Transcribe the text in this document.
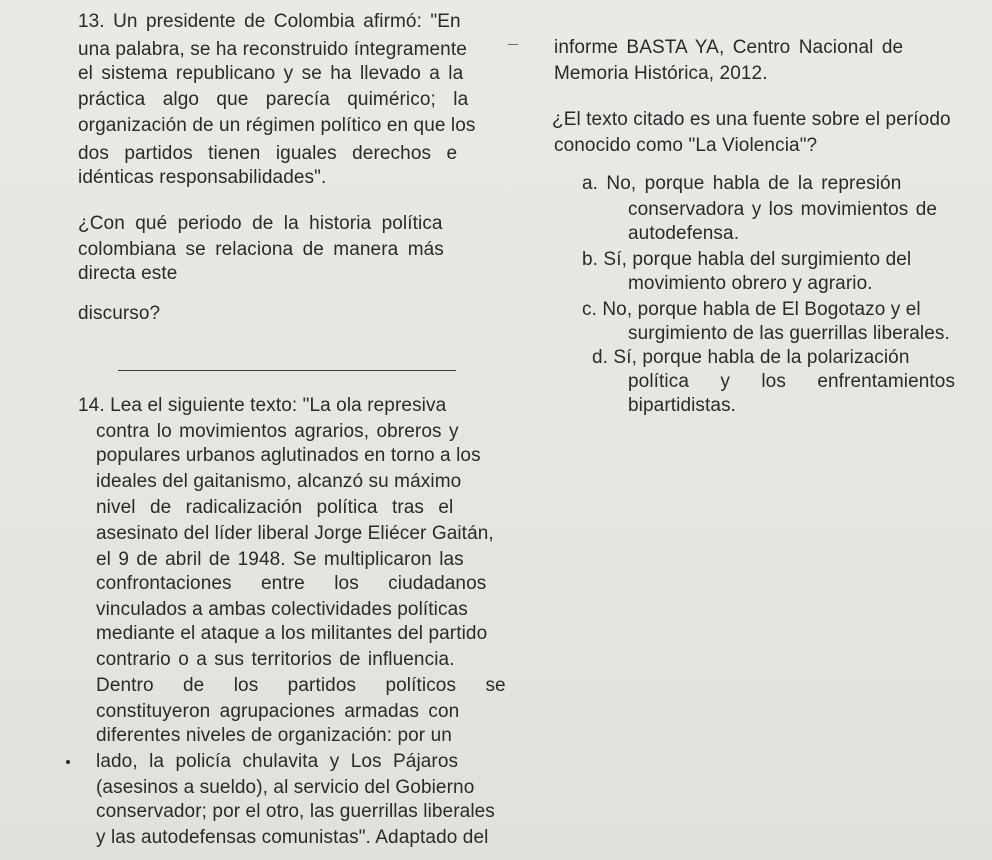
13. Un presidente de Colombia afirmó: "En
una palabra, se ha reconstruido íntegramente
el sistema republicano y se ha llevado a la
práctica algo que parecía quimérico; la
organización de un régimen político en que los
dos partidos tienen iguales derechos e
idénticas responsabilidades".
¿Con qué periodo de la historia política
colombiana se relaciona de manera más
directa este
discurso?
14. Lea el siguiente texto: "La ola represiva
contra lo movimientos agrarios, obreros y
populares urbanos aglutinados en torno a los
ideales del gaitanismo, alcanzó su máximo
nivel de radicalización política tras el
asesinato del líder liberal Jorge Eliécer Gaitán,
el 9 de abril de 1948. Se multiplicaron las
confrontaciones entre los ciudadanos
vinculados a ambas colectividades políticas
mediante el ataque a los militantes del partido
contrario o a sus territorios de influencia.
Dentro de los partidos políticos se
constituyeron agrupaciones armadas con
diferentes niveles de organización: por un
lado, la policía chulavita y Los Pájaros
(asesinos a sueldo), al servicio del Gobierno
conservador; por el otro, las guerrillas liberales
y las autodefensas comunistas". Adaptado del
informe BASTA YA, Centro Nacional de
Memoria Histórica, 2012.
¿El texto citado es una fuente sobre el período
conocido como "La Violencia"?
a. No, porque habla de la represión
conservadora y los movimientos de
autodefensa.
b. Sí, porque habla del surgimiento del
movimiento obrero y agrario.
c. No, porque habla de El Bogotazo y el
surgimiento de las guerrillas liberales.
d. Sí, porque habla de la polarización
política y los enfrentamientos
bipartidistas.
